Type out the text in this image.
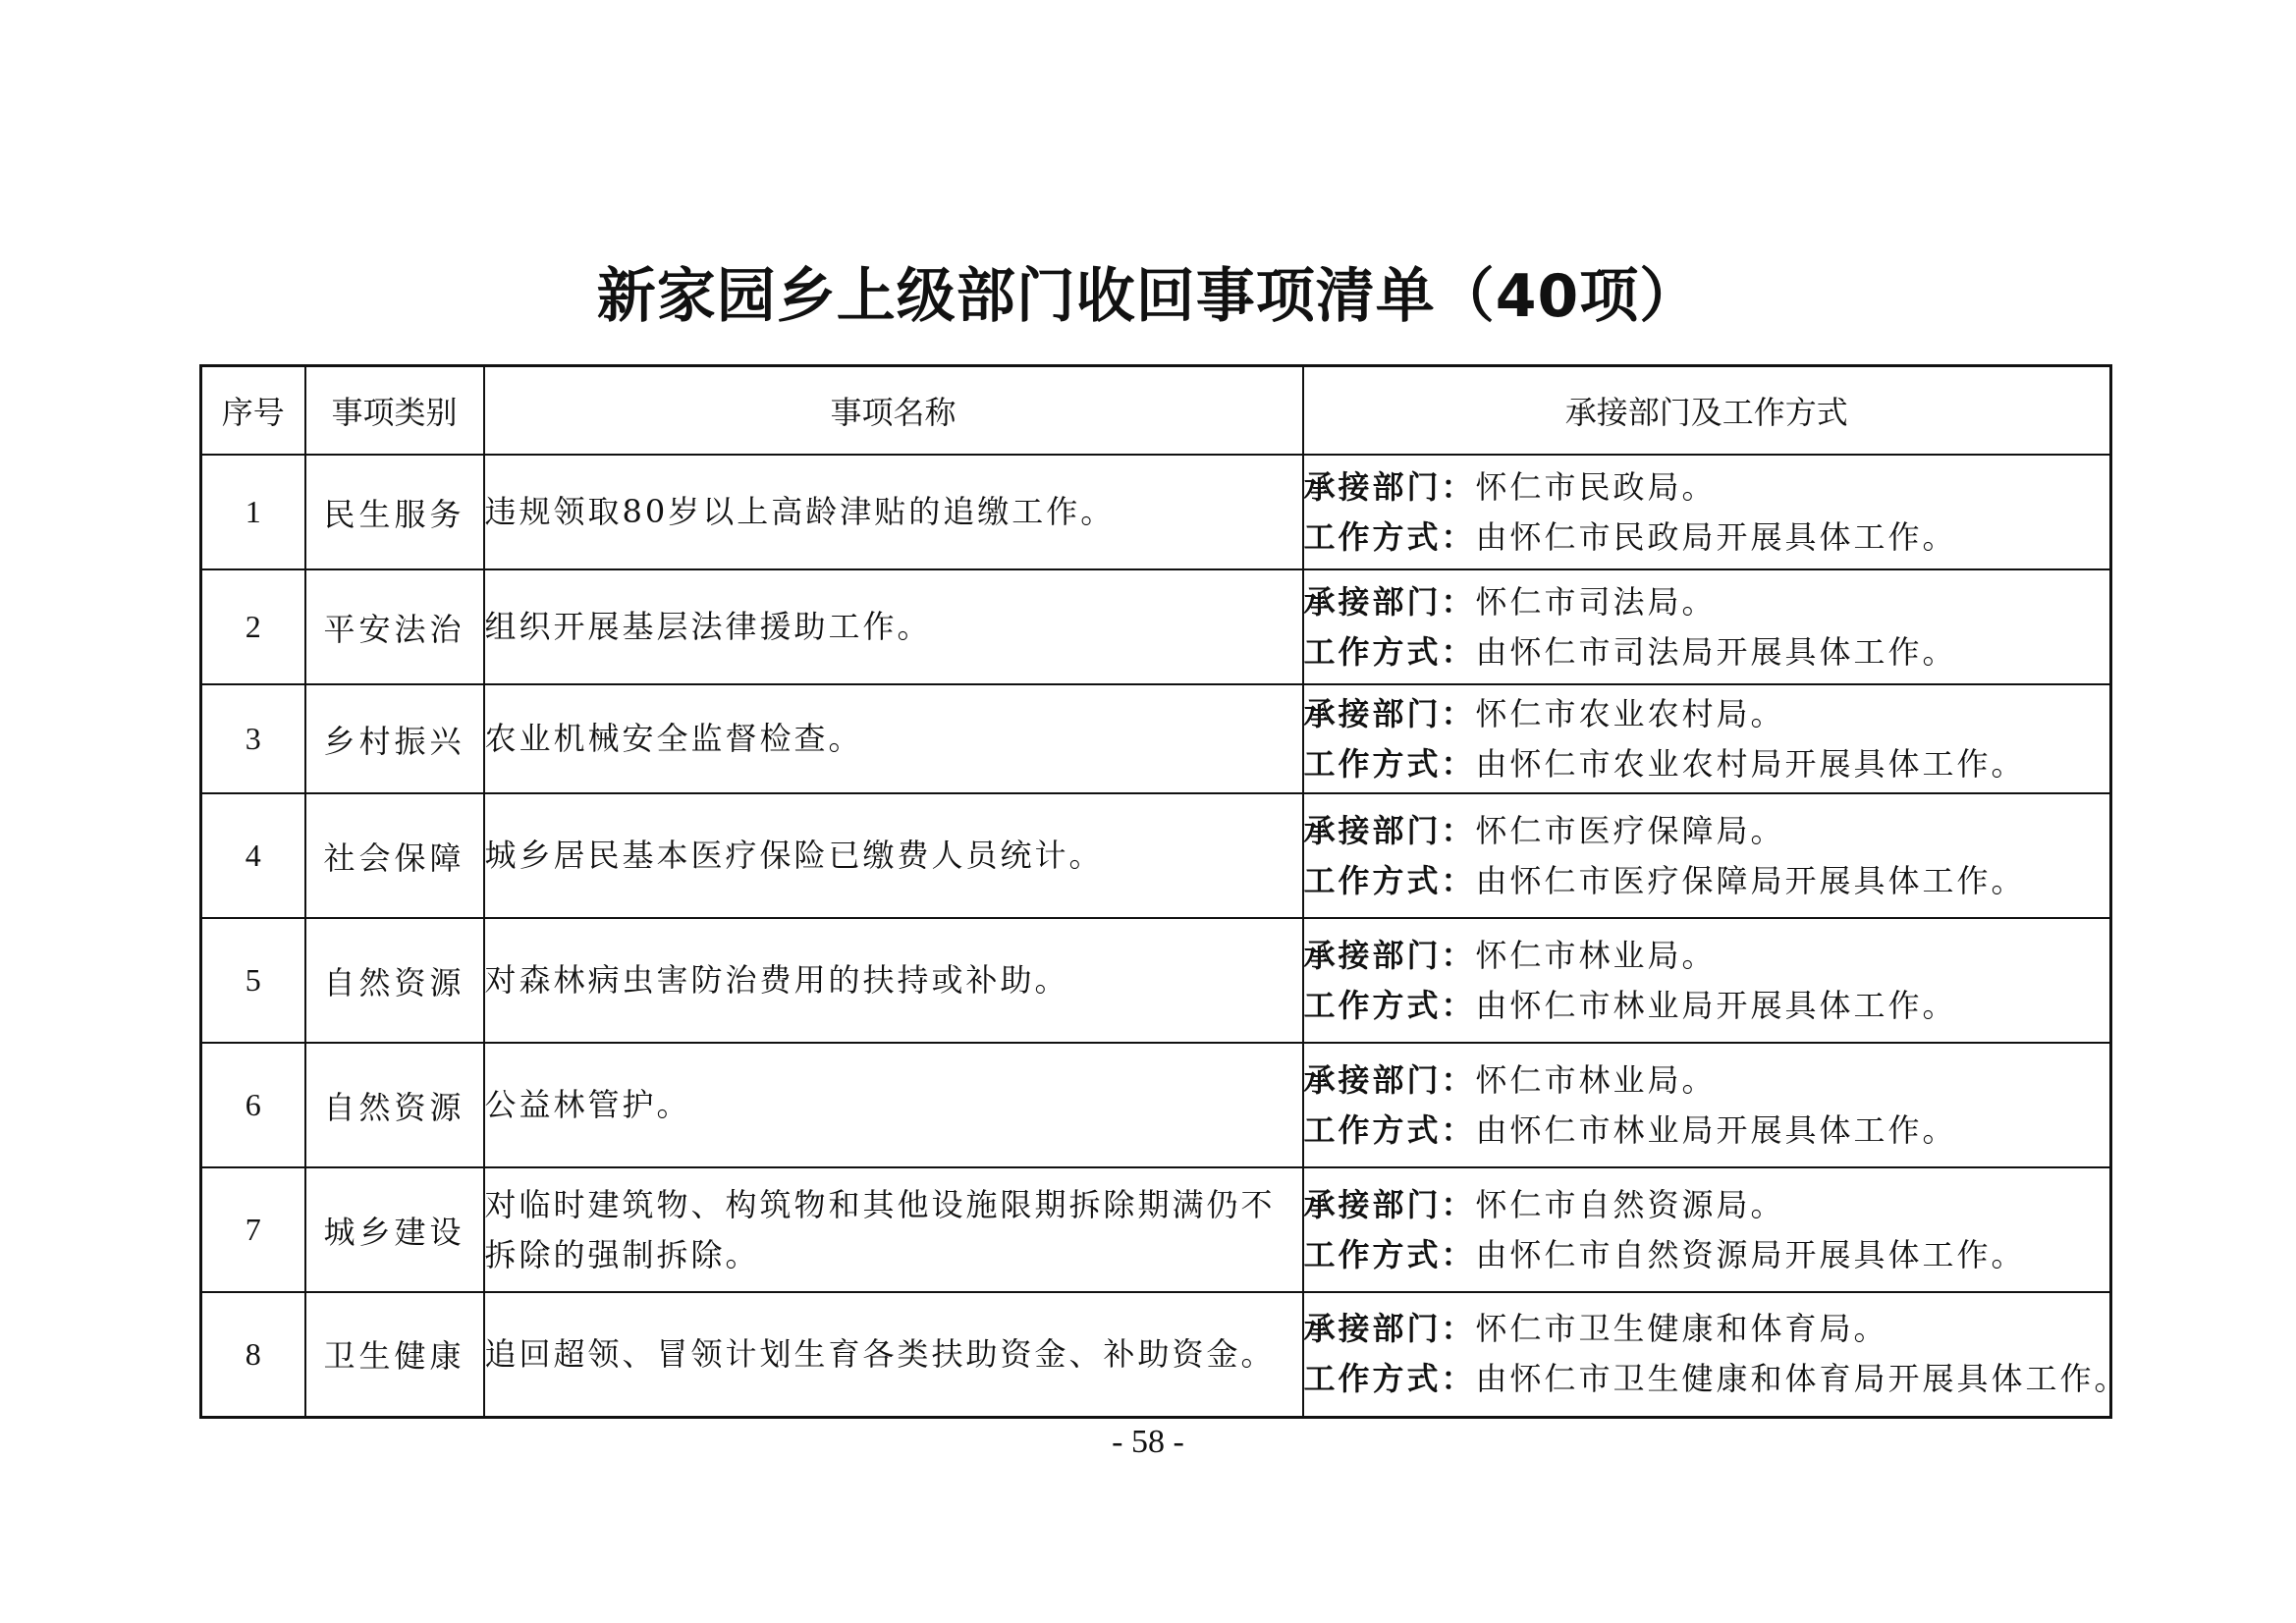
新家园乡上级部门收回事项清单（40项）
序号	事项类别	事项名称	承接部门及工作方式
1	民生服务	违规领取80岁以上高龄津贴的追缴工作。	承接部门：怀仁市民政局。
工作方式：由怀仁市民政局开展具体工作。

2	平安法治	组织开展基层法律援助工作。	承接部门：怀仁市司法局。
工作方式：由怀仁市司法局开展具体工作。

3	乡村振兴	农业机械安全监督检查。	承接部门：怀仁市农业农村局。
工作方式：由怀仁市农业农村局开展具体工作。

4	社会保障	城乡居民基本医疗保险已缴费人员统计。	承接部门：怀仁市医疗保障局。
工作方式：由怀仁市医疗保障局开展具体工作。

5	自然资源	对森林病虫害防治费用的扶持或补助。	承接部门：怀仁市林业局。
工作方式：由怀仁市林业局开展具体工作。

6	自然资源	公益林管护。	承接部门：怀仁市林业局。
工作方式：由怀仁市林业局开展具体工作。

7	城乡建设	对临时建筑物、构筑物和其他设施限期拆除期满仍不拆除的强制拆除。	承接部门：怀仁市自然资源局。
工作方式：由怀仁市自然资源局开展具体工作。

8	卫生健康	追回超领、冒领计划生育各类扶助资金、补助资金。	承接部门：怀仁市卫生健康和体育局。
工作方式：由怀仁市卫生健康和体育局开展具体工作。
- 58 -
